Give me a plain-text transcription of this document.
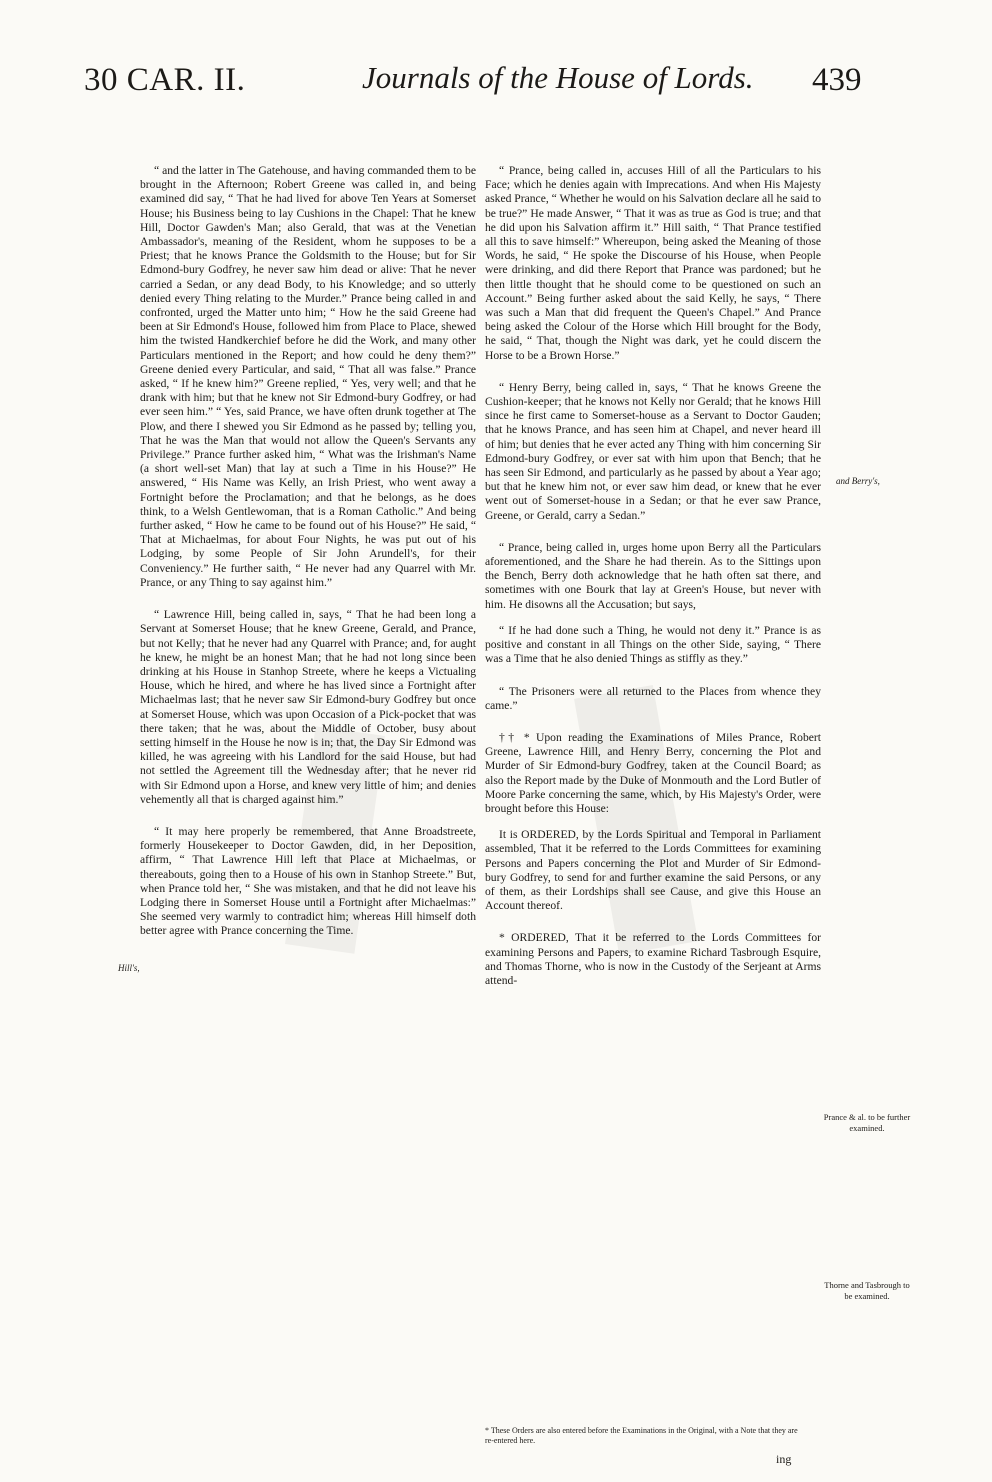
30 CAR. II.	Journals of the House of Lords. 439

“ and the latter in The Gatehouse, and having commanded them to be brought in the Afternoon; Robert Greene was called in, and being examined did say, “ That he had lived for above Ten Years at Somerset House; his Business being to lay Cushions in the Chapel: That he knew Hill, Doctor Gawden's Man; also Gerald, that was at the Venetian Ambassador's, meaning of the Resident, whom he supposes to be a Priest; that he knows Prance the Goldsmith to the House; but for Sir Edmond-bury Godfrey, he never saw him dead or alive: That he never carried a Sedan, or any dead Body, to his Knowledge; and so utterly denied every Thing relating to the Murder.” Prance being called in and confronted, urged the Matter unto him; “ How he the said Greene had been at Sir Edmond's House, followed him from Place to Place, shewed him the twisted Handkerchief before he did the Work, and many other Particulars mentioned in the Report; and how could he deny them?” Greene denied every Particular, and said, “ That all was false.” Prance asked, “ If he knew him?” Greene replied, “ Yes, very well; and that he drank with him; but that he knew not Sir Edmond-bury Godfrey, or had ever seen him.” “ Yes, said Prance, we have often drunk together at The Plow, and there I shewed you Sir Edmond as he passed by; telling you, That he was the Man that would not allow the Queen's Servants any Privilege.” Prance further asked him, “ What was the Irishman's Name (a short well-set Man) that lay at such a Time in his House?” He answered, “ His Name was Kelly, an Irish Priest, who went away a Fortnight before the Proclamation; and that he belongs, as he does think, to a Welsh Gentlewoman, that is a Roman Catholic.” And being further asked, “ How he came to be found out of his House?” He said, “ That at Michaelmas, for about Four Nights, he was put out of his Lodging, by some People of Sir John Arundell's, for their Conveniency.” He further saith, “ He never had any Quarrel with Mr. Prance, or any Thing to say against him.”

“ Lawrence Hill, being called in, says, “ That he had been long a Servant at Somerset House; that he knew Greene, Gerald, and Prance, but not Kelly; that he never had any Quarrel with Prance; and, for aught he knew, he might be an honest Man; that he had not long since been drinking at his House in Stanhop Streete, where he keeps a Victualing House, which he hired, and where he has lived since a Fortnight after Michaelmas last; that he never saw Sir Edmond-bury Godfrey but once at Somerset House, which was upon Occasion of a Pick-pocket that was there taken; that he was, about the Middle of October, busy about setting himself in the House he now is in; that, the Day Sir Edmond was killed, he was agreeing with his Landlord for the said House, but had not settled the Agreement till the Wednesday after; that he never rid with Sir Edmond upon a Horse, and knew very little of him; and denies vehemently all that is charged against him.”

“ It may here properly be remembered, that Anne Broadstreete, formerly Housekeeper to Doctor Gawden, did, in her Deposition, affirm, “ That Lawrence Hill left that Place at Michaelmas, or thereabouts, going then to a House of his own in Stanhop Streete.” But, when Prance told her, “ She was mistaken, and that he did not leave his Lodging there in Somerset House until a Fortnight after Michaelmas:” She seemed very warmly to contradict him; whereas Hill himself doth better agree with Prance concerning the Time.

“ Prance, being called in, accuses Hill of all the Particulars to his Face; which he denies again with Imprecations. And when His Majesty asked Prance, “ Whether he would on his Salvation declare all he said to be true?” He made Answer, “ That it was as true as God is true; and that he did upon his Salvation affirm it.” Hill saith, “ That Prance testified all this to save himself:” Whereupon, being asked the Meaning of those Words, he said, “ He spoke the Discourse of his House, when People were drinking, and did there Report that Prance was pardoned; but he then little thought that he should come to be questioned on such an Account.” Being further asked about the said Kelly, he says, “ There was such a Man that did frequent the Queen's Chapel.” And Prance being asked the Colour of the Horse which Hill brought for the Body, he said, “ That, though the Night was dark, yet he could discern the Horse to be a Brown Horse.”

“ Henry Berry, being called in, says, “ That he knows Greene the Cushion-keeper; that he knows not Kelly nor Gerald; that he knows Hill since he first came to Somerset-house as a Servant to Doctor Gauden; that he knows Prance, and has seen him at Chapel, and never heard ill of him; but denies that he ever acted any Thing with him concerning Sir Edmond-bury Godfrey, or ever sat with him upon that Bench; that he has seen Sir Edmond, and particularly as he passed by about a Year ago; but that he knew him not, or ever saw him dead, or knew that he ever went out of Somerset-house in a Sedan; or that he ever saw Prance, Greene, or Gerald, carry a Sedan.”

“ Prance, being called in, urges home upon Berry all the Particulars aforementioned, and the Share he had therein. As to the Sittings upon the Bench, Berry doth acknowledge that he hath often sat there, and sometimes with one Bourk that lay at Green's House, but never with him. He disowns all the Accusation; but says,

“ If he had done such a Thing, he would not deny it.” Prance is as positive and constant in all Things on the other Side, saying, “ There was a Time that he also denied Things as stiffly as they.”

“ The Prisoners were all returned to the Places from whence they came.”

†† * Upon reading the Examinations of Miles Prance, Robert Greene, Lawrence Hill, and Henry Berry, concerning the Plot and Murder of Sir Edmond-bury Godfrey, taken at the Council Board; as also the Report made by the Duke of Monmouth and the Lord Butler of Moore Parke concerning the same, which, by His Majesty's Order, were brought before this House:

It is ORDERED, by the Lords Spiritual and Temporal in Parliament assembled, That it be referred to the Lords Committees for examining Persons and Papers concerning the Plot and Murder of Sir Edmond-bury Godfrey, to send for and further examine the said Persons, or any of them, as their Lordships shall see Cause, and give this House an Account thereof.

* ORDERED, That it be referred to the Lords Committees for examining Persons and Papers, to examine Richard Tasbrough Esquire, and Thomas Thorne, who is now in the Custody of the Serjeant at Arms attend-

Hill's,
and Berry's,
Prance & al. to be further examined.
Thorne and Tasbrough to be examined.
* These Orders are also entered before the Examinations in the Original, with a Note that they are re-entered here.
ing
